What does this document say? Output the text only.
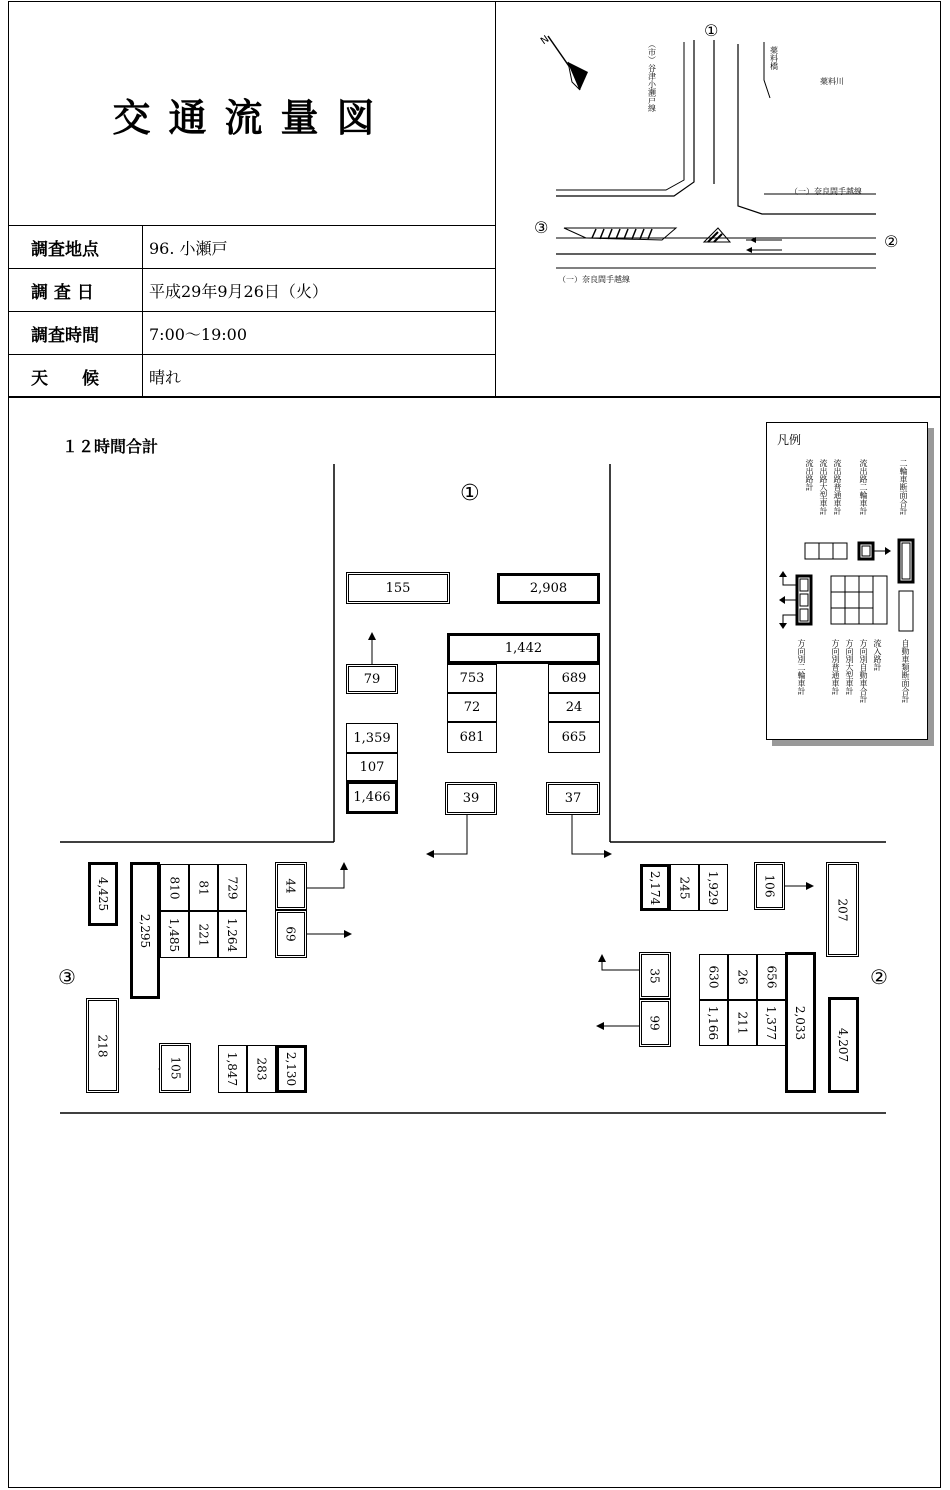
交通流量図
調査地点	96. 小瀬戸
調 査 日	平成29年9月26日（火）
調査時間	7:00～19:00
天　　候	晴れ
N
①
③
②
（市）谷津小瀬戸線	薬料橋
薬料川
（一）奈良間手越線
（一）奈良間手越線
１２時間合計
①
③	②
155	2,908
1,442
753
72
681
689
24
665
79
1,359
107
1,466	39	37
4,425
2,295
810 81 729
1,485 221 1,264
44
69
218
105	1,847 283 2,130
2,174 245 1,929	106
207
35
99
630 26 656
1,166 211 1,377 2,033
4,207
凡例
流出路計 流出路大型車計 流出路普通車計 流出路二輪車計	二輪車断面合計
方向別二輪車計	方向別普通車計 方向別大型車計 方向別自動車合計 流入路計 自動車類断面合計
